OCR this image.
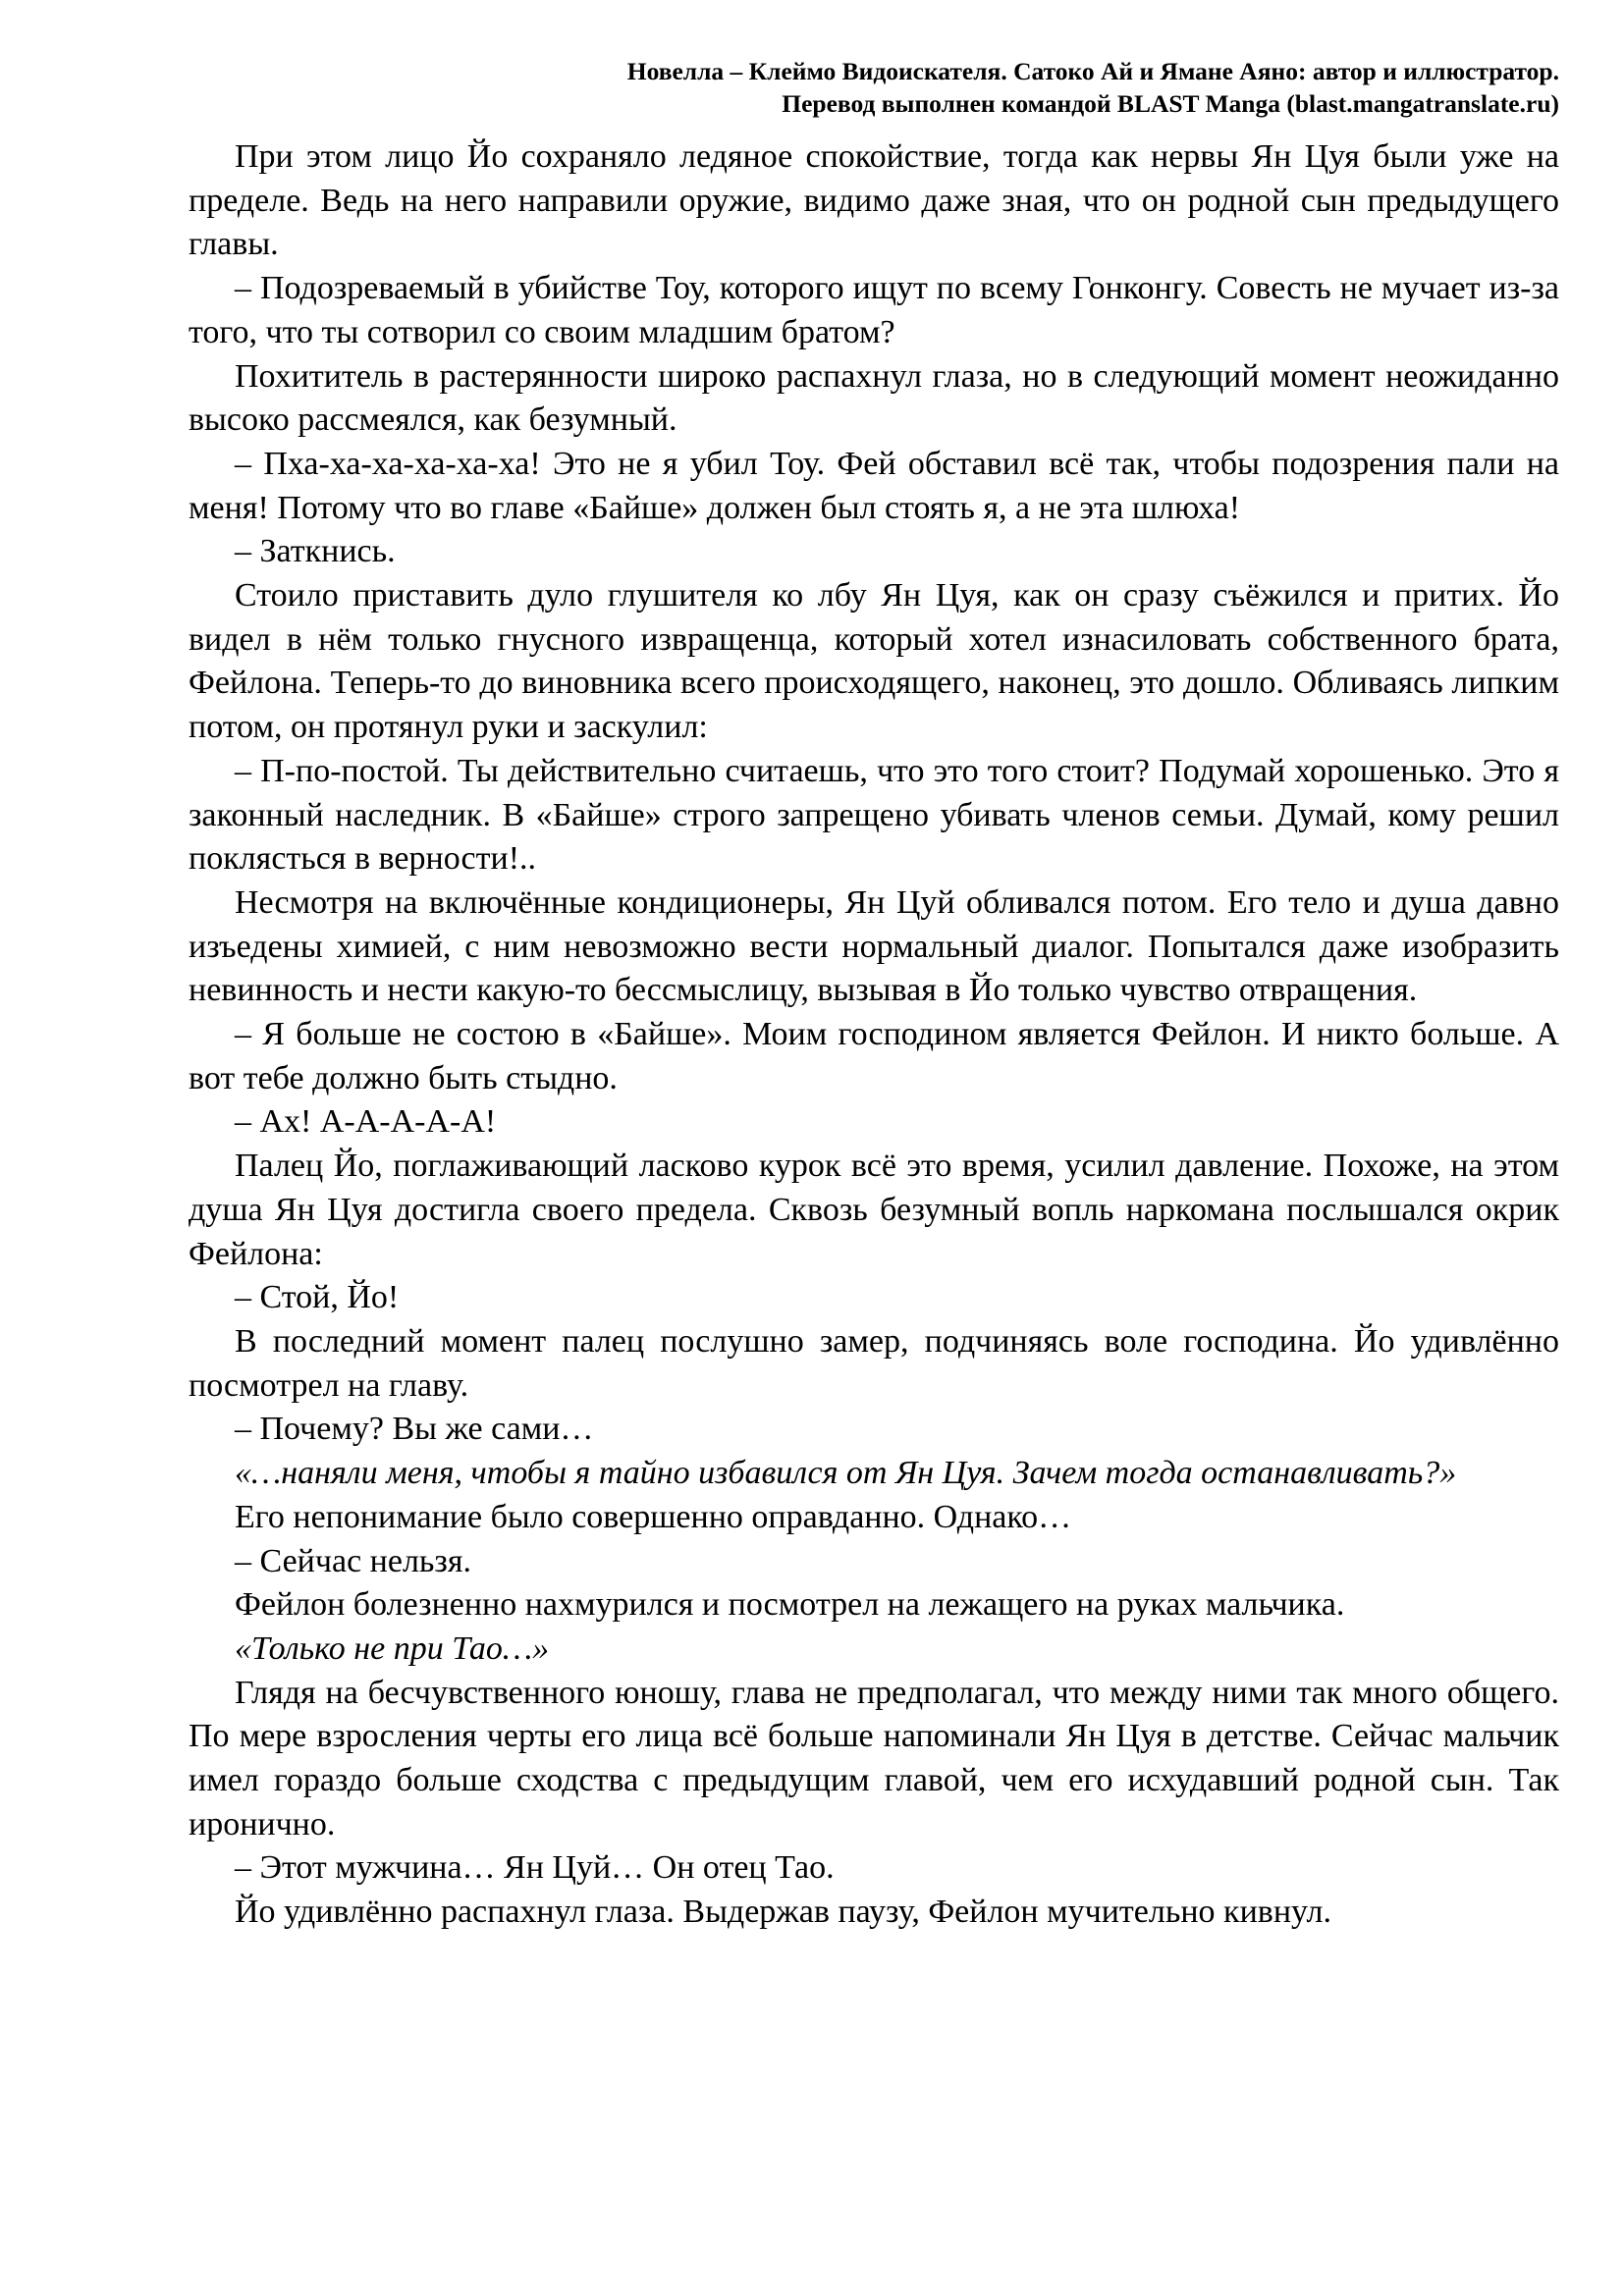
Новелла – Клеймо Видоискателя. Сатоко Ай и Ямане Аяно: автор и иллюстратор.
Перевод выполнен командой BLAST Manga (blast.mangatranslate.ru)

При этом лицо Йо сохраняло ледяное спокойствие, тогда как нервы Ян Цуя были уже на пределе. Ведь на него направили оружие, видимо даже зная, что он родной сын предыдущего главы.

– Подозреваемый в убийстве Тоу, которого ищут по всему Гонконгу. Совесть не мучает из-за того, что ты сотворил со своим младшим братом?

Похититель в растерянности широко распахнул глаза, но в следующий момент неожиданно высоко рассмеялся, как безумный.

– Пха-ха-ха-ха-ха-ха! Это не я убил Тоу. Фей обставил всё так, чтобы подозрения пали на меня! Потому что во главе «Байше» должен был стоять я, а не эта шлюха!

– Заткнись.

Стоило приставить дуло глушителя ко лбу Ян Цуя, как он сразу съёжился и притих. Йо видел в нём только гнусного извращенца, который хотел изнасиловать собственного брата, Фейлона. Теперь-то до виновника всего происходящего, наконец, это дошло. Обливаясь липким потом, он протянул руки и заскулил:

– П-по-постой. Ты действительно считаешь, что это того стоит? Подумай хорошенько. Это я законный наследник. В «Байше» строго запрещено убивать членов семьи. Думай, кому решил поклясться в верности!..

Несмотря на включённые кондиционеры, Ян Цуй обливался потом. Его тело и душа давно изъедены химией, с ним невозможно вести нормальный диалог. Попытался даже изобразить невинность и нести какую-то бессмыслицу, вызывая в Йо только чувство отвращения.

– Я больше не состою в «Байше». Моим господином является Фейлон. И никто больше. А вот тебе должно быть стыдно.

– Ах! А-А-А-А-А!

Палец Йо, поглаживающий ласково курок всё это время, усилил давление. Похоже, на этом душа Ян Цуя достигла своего предела. Сквозь безумный вопль наркомана послышался окрик Фейлона:

– Стой, Йо!

В последний момент палец послушно замер, подчиняясь воле господина. Йо удивлённо посмотрел на главу.

– Почему? Вы же сами…

«…наняли меня, чтобы я тайно избавился от Ян Цуя. Зачем тогда останавливать?»

Его непонимание было совершенно оправданно. Однако…

– Сейчас нельзя.

Фейлон болезненно нахмурился и посмотрел на лежащего на руках мальчика.

«Только не при Тао…»

Глядя на бесчувственного юношу, глава не предполагал, что между ними так много общего. По мере взросления черты его лица всё больше напоминали Ян Цуя в детстве. Сейчас мальчик имел гораздо больше сходства с предыдущим главой, чем его исхудавший родной сын. Так иронично.

– Этот мужчина… Ян Цуй… Он отец Тао.

Йо удивлённо распахнул глаза. Выдержав паузу, Фейлон мучительно кивнул.
